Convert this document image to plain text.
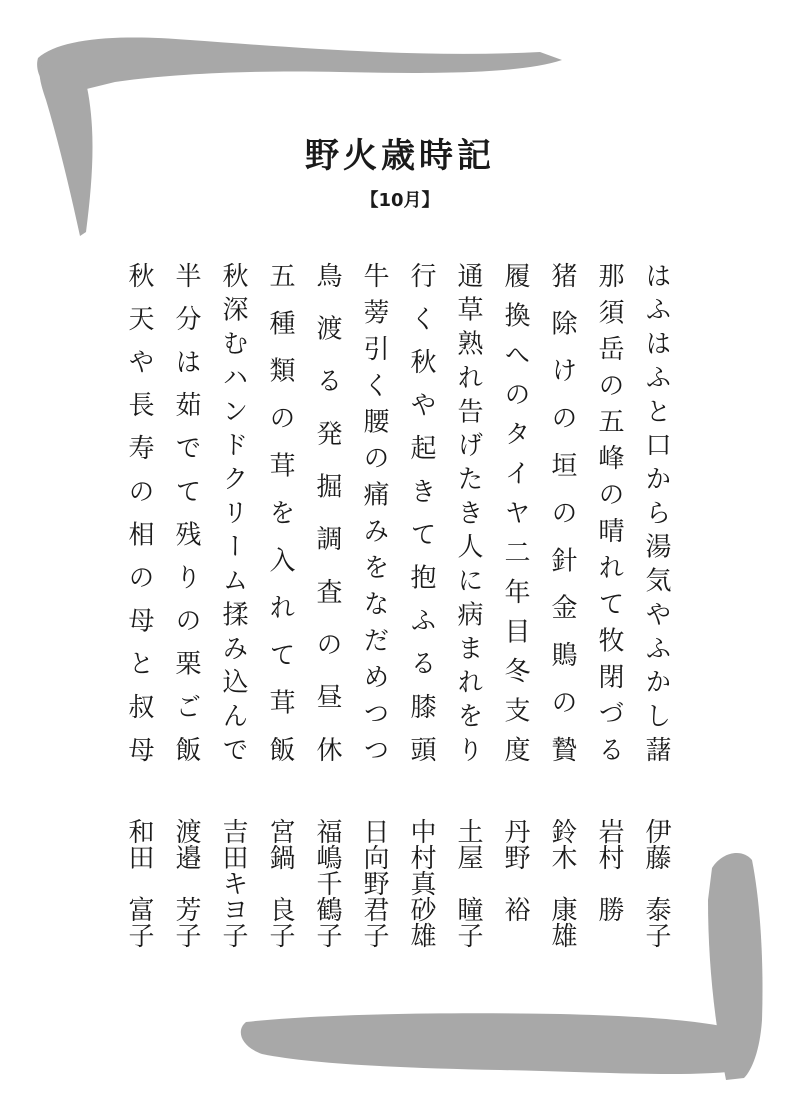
野火歳時記
【10月】
はふはふと口から湯気やふかし藷
那須岳の五峰の晴れて牧閉づる
猪除けの垣の針金鵙の贄
履換へのタイヤ二年目冬支度
通草熟れ告げたき人に病まれをり
行く秋や起きて抱ふる膝頭
牛蒡引く腰の痛みをなだめつつ
鳥渡る発掘調査の昼休
五種類の茸を入れて茸飯
秋深むハンドクリーム揉み込んで
半分は茹でて残りの栗ご飯
秋天や長寿の相の母と叔母
伊藤　泰子
岩村　勝
鈴木　康雄
丹野　裕
土屋　瞳子
中村真砂雄
日向野君子
福嶋千鶴子
宮鍋　良子
吉田キヨ子
渡邉　芳子
和田　富子
